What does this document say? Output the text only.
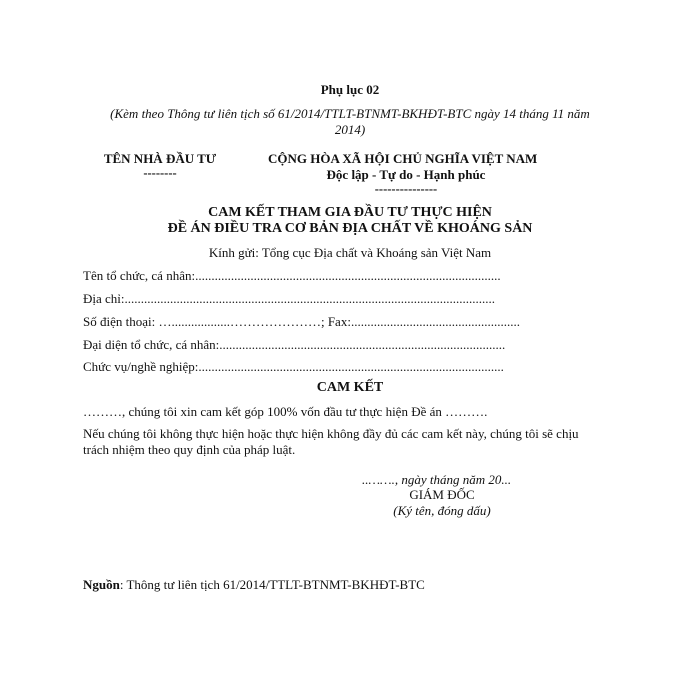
Phụ lục 02
(Kèm theo Thông tư liên tịch số 61/2014/TTLT-BTNMT-BKHĐT-BTC ngày 14 tháng 11 năm
2014)
TÊN NHÀ ĐẦU TƯ
--------
CỘNG HÒA XÃ HỘI CHỦ NGHĨA VIỆT NAM
Độc lập - Tự do - Hạnh phúc
---------------
CAM KẾT THAM GIA ĐẦU TƯ THỰC HIỆN
ĐỀ ÁN ĐIỀU TRA CƠ BẢN ĐỊA CHẤT VỀ KHOÁNG SẢN
Kính gửi: Tổng cục Địa chất và Khoáng sản Việt Nam
Tên tổ chức, cá nhân:..............................................................................................
Địa chỉ:..................................................................................................................
Số điện thoại: …..................…………………; Fax:....................................................
Đại diện tổ chức, cá nhân:........................................................................................
Chức vụ/nghề nghiệp:..............................................................................................
CAM KẾT
………, chúng tôi xin cam kết góp 100% vốn đầu tư thực hiện Đề án ……….
Nếu chúng tôi không thực hiện hoặc thực hiện không đầy đủ các cam kết này, chúng tôi sẽ chịu
trách nhiệm theo quy định của pháp luật.
..……., ngày tháng năm 20...
GIÁM ĐỐC
(Ký tên, đóng dấu)
Nguồn: Thông tư liên tịch 61/2014/TTLT-BTNMT-BKHĐT-BTC
